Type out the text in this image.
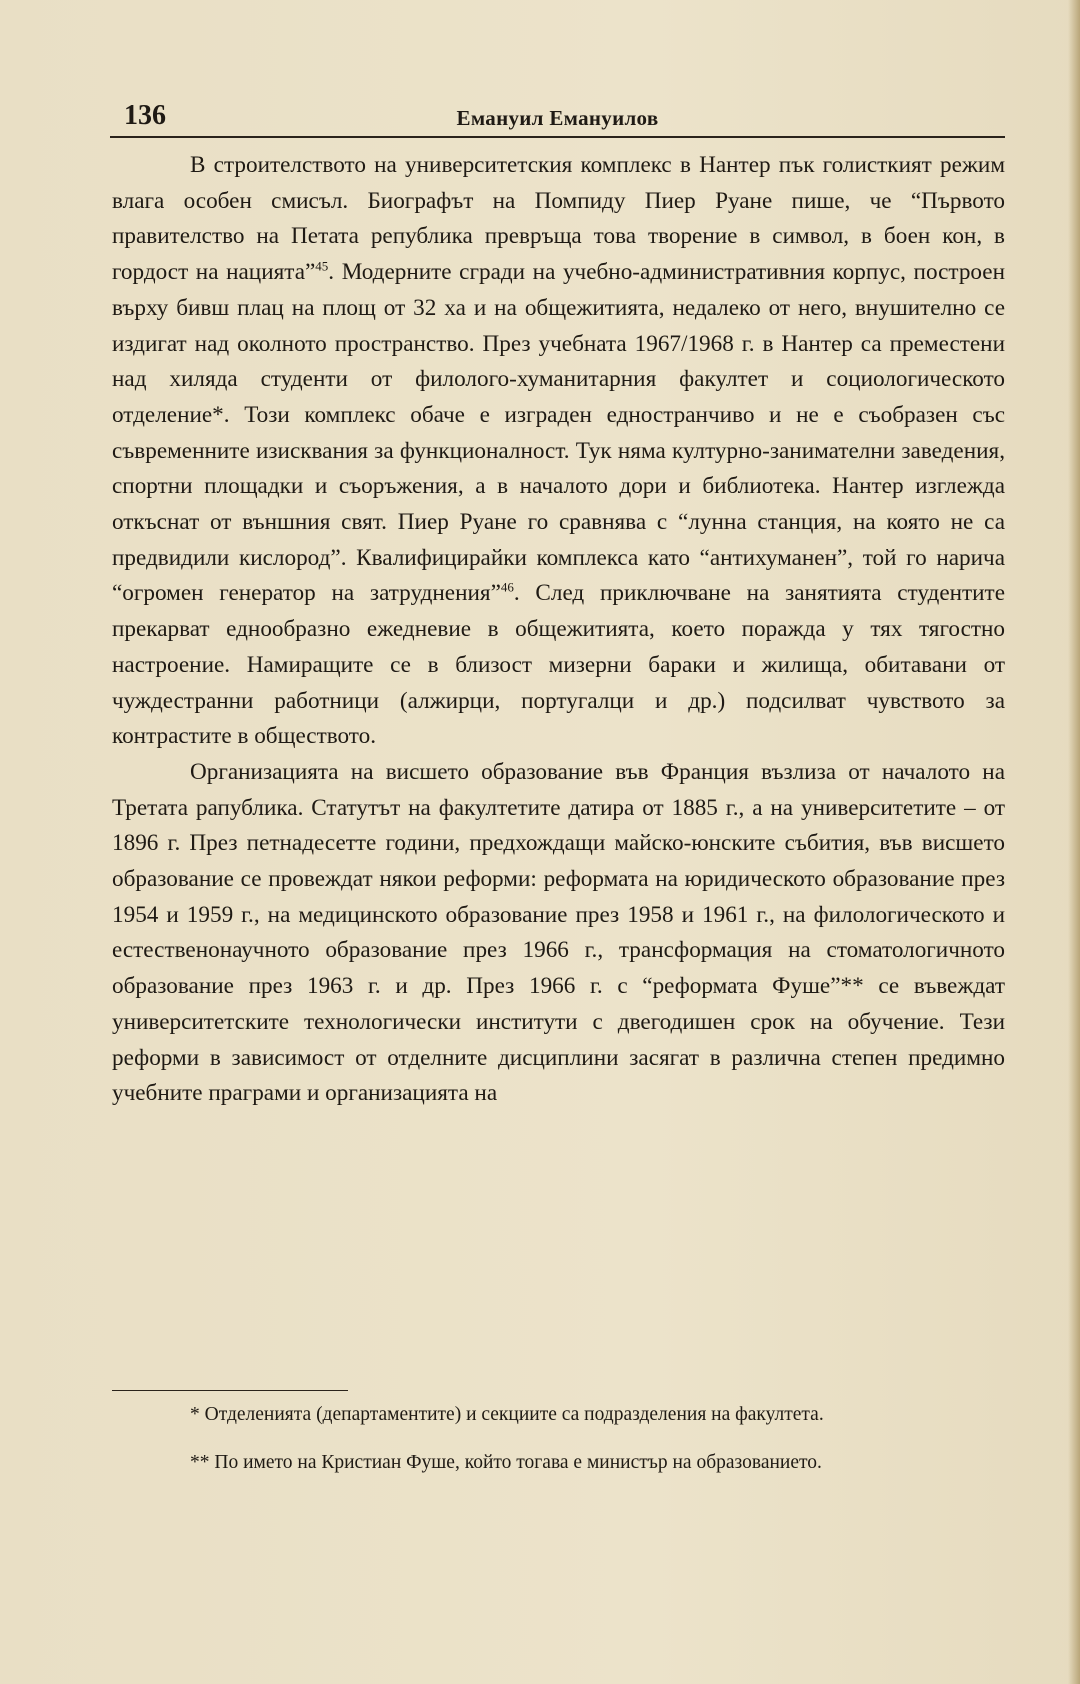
136	Емануил Емануилов

В строителството на университетския комплекс в Нантер пък голисткият режим влага особен смисъл. Биографът на Помпиду Пиер Руане пише, че “Първото правителство на Петата република превръща това творение в символ, в боен кон, в гордост на нацията”$^{45}$. Модерните сгради на учебно-административния корпус, построен върху бивш плац на площ от 32 ха и на общежитията, недалеко от него, внушително се издигат над околното пространство. През учебната 1967/1968 г. в Нантер са преместени над хиляда студенти от филолого-хуманитарния факултет и социологическото отделение*. Този комплекс обаче е изграден едностранчиво и не е съобразен със съвременните изисквания за функционалност. Тук няма културно-занимателни заведения, спортни площадки и съоръжения, а в началото дори и библиотека. Нантер изглежда откъснат от външния свят. Пиер Руане го сравнява с “лунна станция, на която не са предвидили кислород”. Квалифицирайки комплекса като “антихуманен”, той го нарича “огромен генератор на затруднения”$^{46}$. След приключване на занятията студентите прекарват еднообразно ежедневие в общежитията, което поражда у тях тягостно настроение. Намиращите се в близост мизерни бараки и жилища, обитавани от чуждестранни работници (алжирци, португалци и др.) подсилват чувството за контрастите в обществото.

Организацията на висшето образование във Франция възлиза от началото на Третата рапублика. Статутът на факултетите датира от 1885 г., а на университетите – от 1896 г. През петнадесетте години, предхождащи майско-юнските събития, във висшето образование се провеждат някои реформи: реформата на юридическото образование през 1954 и 1959 г., на медицинското образование през 1958 и 1961 г., на филологическото и естественонаучното образование през 1966 г., трансформация на стоматологичното образование през 1963 г. и др. През 1966 г. с “реформата Фуше”** се въвеждат университетските технологически институти с двегодишен срок на обучение. Тези реформи в зависимост от отделните дисциплини засягат в различна степен предимно учебните праграми и организацията на

* Отделенията (департаментите) и секциите са подразделения на факултета.

** По името на Кристиан Фуше, който тогава е министър на образованието.
